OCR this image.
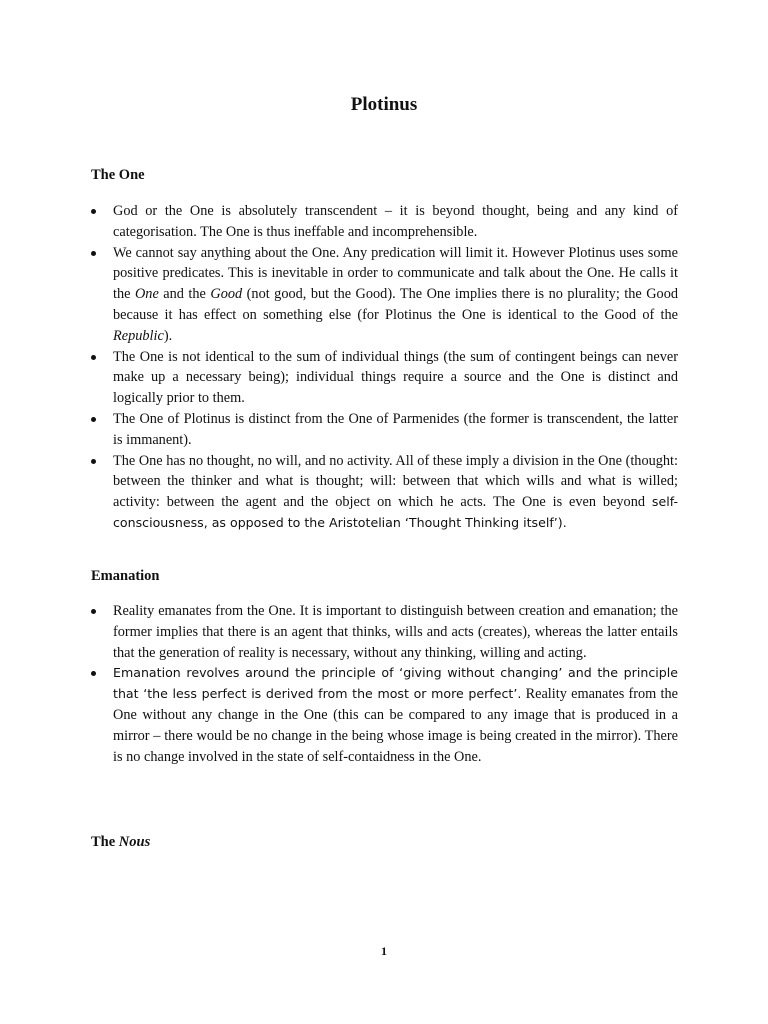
Plotinus
The One
God or the One is absolutely transcendent – it is beyond thought, being and any kind of categorisation. The One is thus ineffable and incomprehensible.
We cannot say anything about the One. Any predication will limit it. However Plotinus uses some positive predicates. This is inevitable in order to communicate and talk about the One. He calls it the One and the Good (not good, but the Good). The One implies there is no plurality; the Good because it has effect on something else (for Plotinus the One is identical to the Good of the Republic).
The One is not identical to the sum of individual things (the sum of contingent beings can never make up a necessary being); individual things require a source and the One is distinct and logically prior to them.
The One of Plotinus is distinct from the One of Parmenides (the former is transcendent, the latter is immanent).
The One has no thought, no will, and no activity. All of these imply a division in the One (thought: between the thinker and what is thought; will: between that which wills and what is willed; activity: between the agent and the object on which he acts. The One is even beyond self-consciousness, as opposed to the Aristotelian ‘Thought Thinking itself’).
Emanation
Reality emanates from the One. It is important to distinguish between creation and emanation; the former implies that there is an agent that thinks, wills and acts (creates), whereas the latter entails that the generation of reality is necessary, without any thinking, willing and acting.
Emanation revolves around the principle of ‘giving without changing’ and the principle that ‘the less perfect is derived from the most or more perfect’. Reality emanates from the One without any change in the One (this can be compared to any image that is produced in a mirror – there would be no change in the being whose image is being created in the mirror). There is no change involved in the state of self-contaidness in the One.
The Nous

1
